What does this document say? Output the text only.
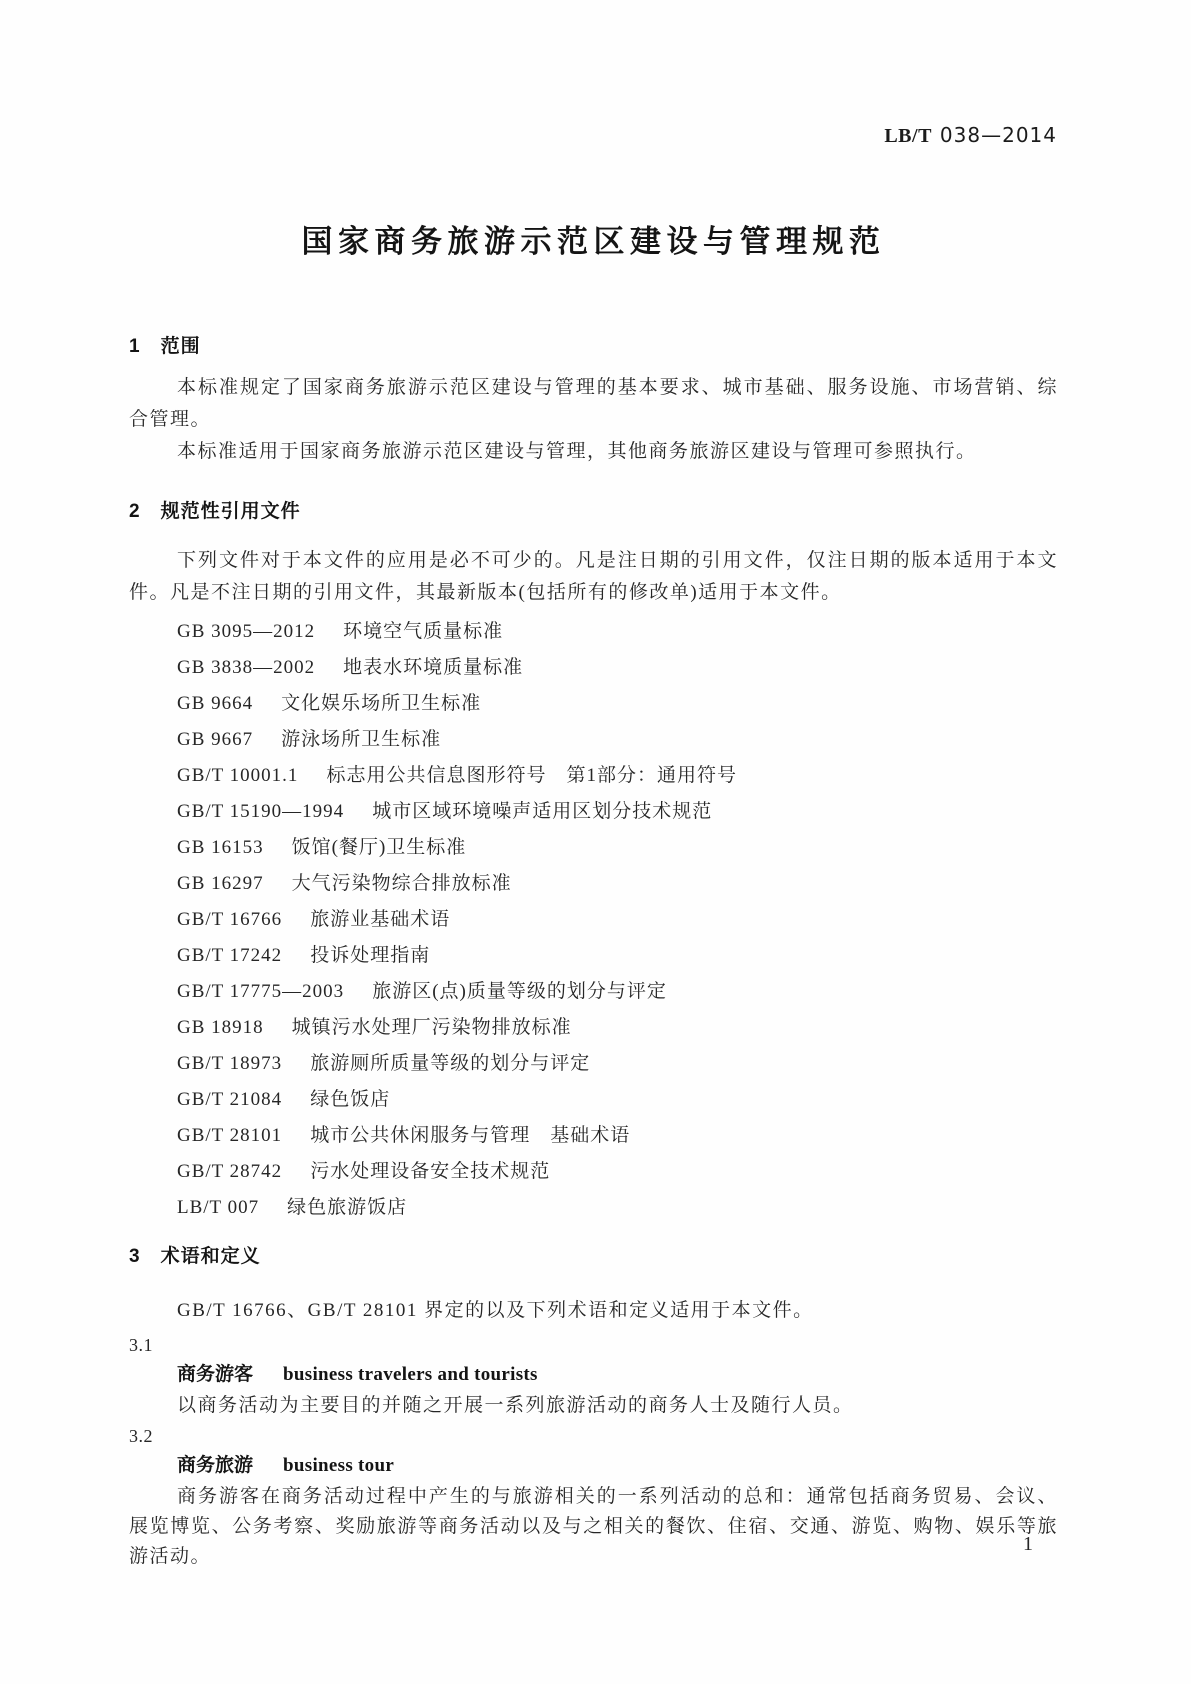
LB/T 038—2014
国家商务旅游示范区建设与管理规范
1 范围

本标准规定了国家商务旅游示范区建设与管理的基本要求、城市基础、服务设施、市场营销、综合管理。

本标准适用于国家商务旅游示范区建设与管理，其他商务旅游区建设与管理可参照执行。

2 规范性引用文件

下列文件对于本文件的应用是必不可少的。凡是注日期的引用文件，仅注日期的版本适用于本文件。凡是不注日期的引用文件，其最新版本(包括所有的修改单)适用于本文件。

GB 3095—2012 环境空气质量标准
GB 3838—2002 地表水环境质量标准
GB 9664 文化娱乐场所卫生标准
GB 9667 游泳场所卫生标准
GB/T 10001.1 标志用公共信息图形符号　第1部分：通用符号
GB/T 15190—1994 城市区域环境噪声适用区划分技术规范
GB 16153 饭馆(餐厅)卫生标准
GB 16297 大气污染物综合排放标准
GB/T 16766 旅游业基础术语
GB/T 17242 投诉处理指南
GB/T 17775—2003 旅游区(点)质量等级的划分与评定
GB 18918 城镇污水处理厂污染物排放标准
GB/T 18973 旅游厕所质量等级的划分与评定
GB/T 21084 绿色饭店
GB/T 28101 城市公共休闲服务与管理　基础术语
GB/T 28742 污水处理设备安全技术规范
LB/T 007 绿色旅游饭店
3 术语和定义

GB/T 16766、GB/T 28101 界定的以及下列术语和定义适用于本文件。

3.1
商务游客 business travelers and tourists

以商务活动为主要目的并随之开展一系列旅游活动的商务人士及随行人员。

3.2
商务旅游 business tour

商务游客在商务活动过程中产生的与旅游相关的一系列活动的总和：通常包括商务贸易、会议、展览博览、公务考察、奖励旅游等商务活动以及与之相关的餐饮、住宿、交通、游览、购物、娱乐等旅游活动。

1
